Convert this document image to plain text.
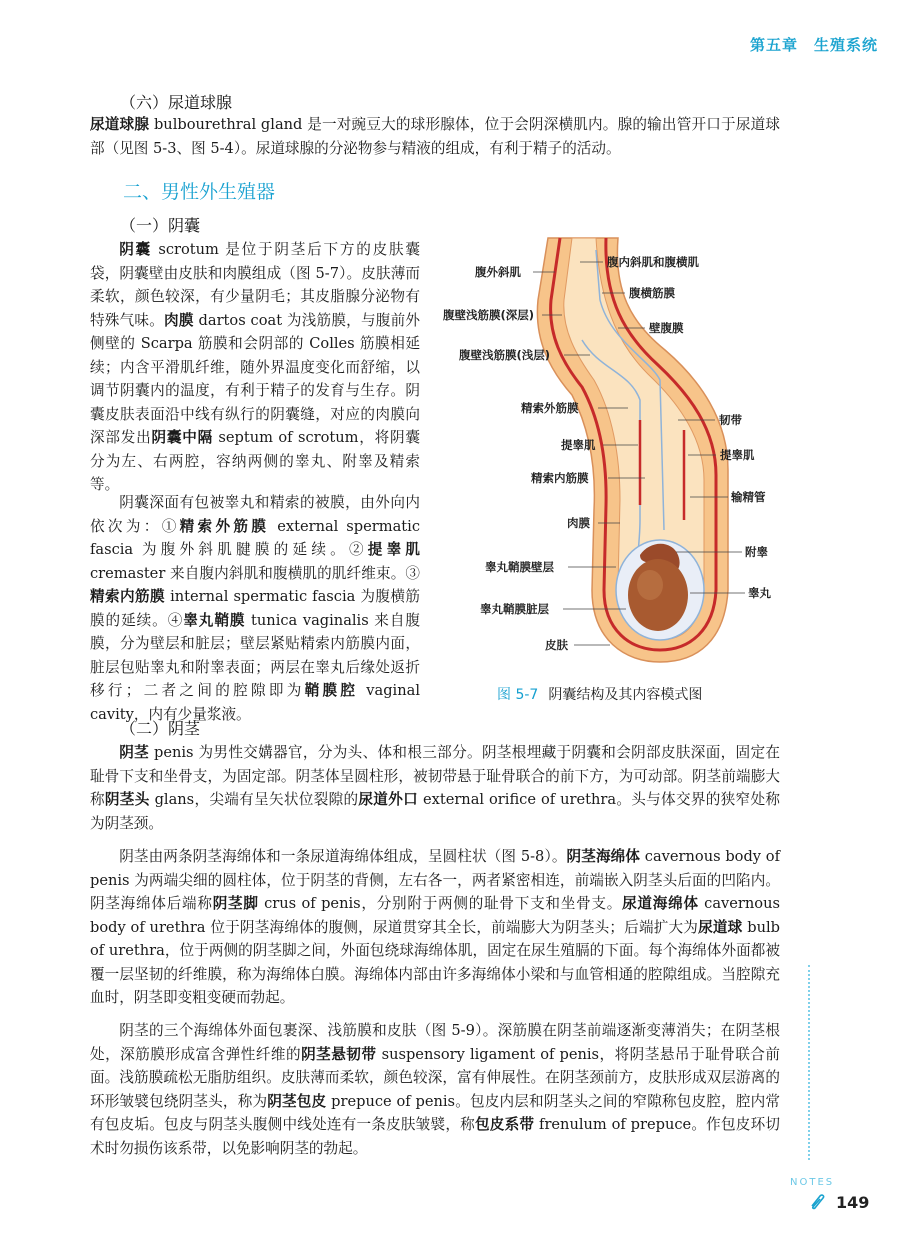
第五章　生殖系统
（六）尿道球腺

尿道球腺 bulbourethral gland 是一对豌豆大的球形腺体，位于会阴深横肌内。腺的输出管开口于尿道球部（见图 5-3、图 5-4）。尿道球腺的分泌物参与精液的组成，有利于精子的活动。

二、男性外生殖器
（一）阴囊

阴囊 scrotum 是位于阴茎后下方的皮肤囊袋，阴囊壁由皮肤和肉膜组成（图 5-7）。皮肤薄而柔软，颜色较深，有少量阴毛；其皮脂腺分泌物有特殊气味。肉膜 dartos coat 为浅筋膜，与腹前外侧壁的 Scarpa 筋膜和会阴部的 Colles 筋膜相延续；内含平滑肌纤维，随外界温度变化而舒缩，以调节阴囊内的温度，有利于精子的发育与生存。阴囊皮肤表面沿中线有纵行的阴囊缝，对应的肉膜向深部发出阴囊中隔 septum of scrotum，将阴囊分为左、右两腔，容纳两侧的睾丸、附睾及精索等。

阴囊深面有包被睾丸和精索的被膜，由外向内依次为：①精索外筋膜 external spermatic fascia 为腹外斜肌腱膜的延续。②提睾肌 cremaster 来自腹内斜肌和腹横肌的肌纤维束。③精索内筋膜 internal spermatic fascia 为腹横筋膜的延续。④睾丸鞘膜 tunica vaginalis 来自腹膜，分为壁层和脏层；壁层紧贴精索内筋膜内面，脏层包贴睾丸和附睾表面；两层在睾丸后缘处返折移行；二者之间的腔隙即为鞘膜腔 vaginal cavity，内有少量浆液。

腹内斜肌和腹横肌
腹外斜肌
腹横筋膜
腹壁浅筋膜(深层)
壁腹膜
腹壁浅筋膜(浅层)
精索外筋膜
韧带
提睾肌
提睾肌
精索内筋膜
输精管
肉膜
附睾
睾丸鞘膜壁层
睾丸
睾丸鞘膜脏层
皮肤
图 5-7 阴囊结构及其内容模式图
（二）阴茎

阴茎 penis 为男性交媾器官，分为头、体和根三部分。阴茎根埋藏于阴囊和会阴部皮肤深面，固定在耻骨下支和坐骨支，为固定部。阴茎体呈圆柱形，被韧带悬于耻骨联合的前下方，为可动部。阴茎前端膨大称阴茎头 glans，尖端有呈矢状位裂隙的尿道外口 external orifice of urethra。头与体交界的狭窄处称为阴茎颈。

阴茎由两条阴茎海绵体和一条尿道海绵体组成，呈圆柱状（图 5-8）。阴茎海绵体 cavernous body of penis 为两端尖细的圆柱体，位于阴茎的背侧，左右各一，两者紧密相连，前端嵌入阴茎头后面的凹陷内。阴茎海绵体后端称阴茎脚 crus of penis，分别附于两侧的耻骨下支和坐骨支。尿道海绵体 cavernous body of urethra 位于阴茎海绵体的腹侧，尿道贯穿其全长，前端膨大为阴茎头；后端扩大为尿道球 bulb of urethra，位于两侧的阴茎脚之间，外面包绕球海绵体肌，固定在尿生殖膈的下面。每个海绵体外面都被覆一层坚韧的纤维膜，称为海绵体白膜。海绵体内部由许多海绵体小梁和与血管相通的腔隙组成。当腔隙充血时，阴茎即变粗变硬而勃起。

阴茎的三个海绵体外面包裹深、浅筋膜和皮肤（图 5-9）。深筋膜在阴茎前端逐渐变薄消失；在阴茎根处，深筋膜形成富含弹性纤维的阴茎悬韧带 suspensory ligament of penis，将阴茎悬吊于耻骨联合前面。浅筋膜疏松无脂肪组织。皮肤薄而柔软，颜色较深，富有伸展性。在阴茎颈前方，皮肤形成双层游离的环形皱襞包绕阴茎头，称为阴茎包皮 prepuce of penis。包皮内层和阴茎头之间的窄隙称包皮腔，腔内常有包皮垢。包皮与阴茎头腹侧中线处连有一条皮肤皱襞，称包皮系带 frenulum of prepuce。作包皮环切术时勿损伤该系带，以免影响阴茎的勃起。

NOTES
149
